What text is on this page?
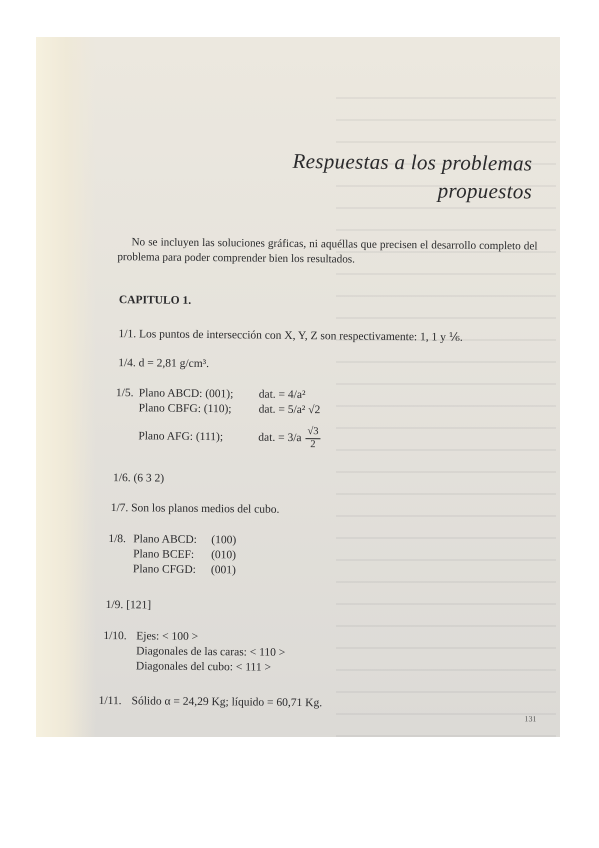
Respuestas a los problemas
propuestos
No se incluyen las soluciones gráficas, ni aquéllas que precisen el desarrollo completo del problema para poder comprender bien los resultados.
CAPITULO 1.
1/1. Los puntos de intersección con X, Y, Z son respectivamente: 1, 1 y ⅙.
1/4. d = 2,81 g/cm³.
1/5. Plano ABCD: (001); dat. = 4/a²
Plano CBFG: (110); dat. = 5/a² √2
Plano AFG: (111);	dat. = $3/a \frac{√3}{2}$
1/6. (6 3 2)
1/7. Son los planos medios del cubo.
1/8. Plano ABCD: (100)
Plano BCEF: (010)
Plano CFGD: (001)
1/9. [121]
1/10. Ejes: < 100 >
Diagonales de las caras: < 110 >
Diagonales del cubo: < 111 >
1/11. Sólido α = 24,29 Kg; líquido = 60,71 Kg.
131
